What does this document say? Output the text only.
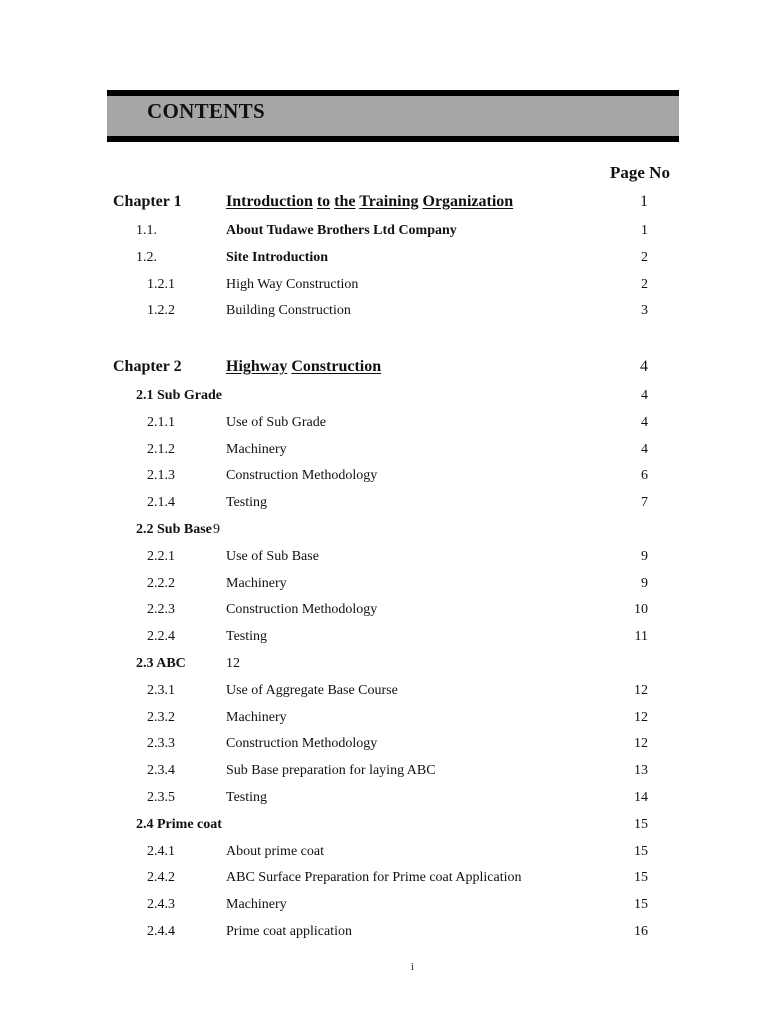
CONTENTS
Page No
Chapter 1	Introduction to the Training Organization	1
1.1.	About Tudawe Brothers Ltd Company	1
1.2.	Site Introduction	2
1.2.1	High Way Construction	2
1.2.2	Building Construction	3
Chapter 2	Highway Construction	4
2.1 Sub Grade	4
2.1.1	Use of Sub Grade	4
2.1.2	Machinery	4
2.1.3	Construction Methodology	6
2.1.4	Testing	7
2.2 Sub Base 9
2.2.1	Use of Sub Base	9
2.2.2	Machinery	9
2.2.3	Construction Methodology	10
2.2.4	Testing	11
2.3 ABC	12
2.3.1	Use of Aggregate Base Course	12
2.3.2	Machinery	12
2.3.3	Construction Methodology	12
2.3.4	Sub Base preparation for laying ABC	13
2.3.5	Testing	14
2.4 Prime coat	15
2.4.1	About prime coat	15
2.4.2	ABC Surface Preparation for Prime coat Application	15
2.4.3	Machinery	15
2.4.4	Prime coat application	16
i
